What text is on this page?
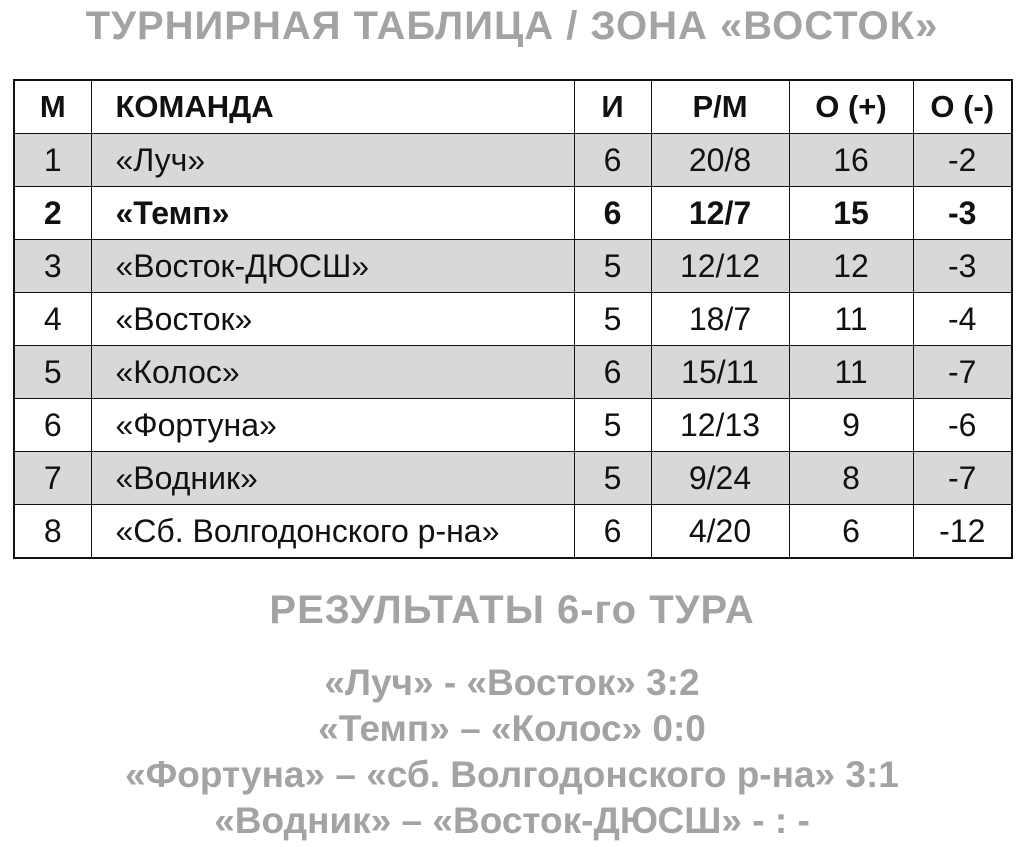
ТУРНИРНАЯ ТАБЛИЦА / ЗОНА «ВОСТОК»
М	КОМАНДА	И	Р/М	О (+)	О (-)
1	«Луч»	6	20/8	16	-2
2	«Темп»	6	12/7	15	-3
3	«Восток-ДЮСШ»	5	12/12	12	-3
4	«Восток»	5	18/7	11	-4
5	«Колос»	6	15/11	11	-7
6	«Фортуна»	5	12/13	9	-6
7	«Водник»	5	9/24	8	-7
8	«Сб. Волгодонского р-на»	6	4/20	6	-12
РЕЗУЛЬТАТЫ 6-го ТУРА
«Луч» - «Восток» 3:2
«Темп» – «Колос» 0:0
«Фортуна» – «сб. Волгодонского р-на» 3:1
«Водник» – «Восток-ДЮСШ» - : -
